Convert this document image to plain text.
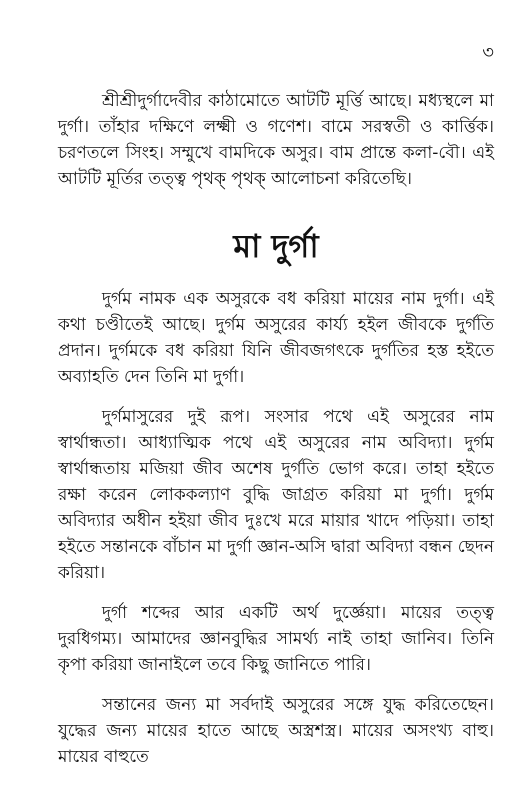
৩

শ্রীশ্রীদুর্গাদেবীর কাঠামোতে আটটি মূর্ত্তি আছে। মধ্যস্থলে মা দুর্গা। তাঁহার দক্ষিণে লক্ষ্মী ও গণেশ। বামে সরস্বতী ও কার্ত্তিক। চরণতলে সিংহ। সম্মুখে বামদিকে অসুর। বাম প্রান্তে কলা-বৌ। এই আটটি মূর্তির তত্ত্ব পৃথক্ পৃথক্ আলোচনা করিতেছি।

মা দুর্গা

দুর্গম নামক এক অসুরকে বধ করিয়া মায়ের নাম দুর্গা। এই কথা চণ্ডীতেই আছে। দুর্গম অসুরের কার্য্য হইল জীবকে দুর্গতি প্রদান। দুর্গমকে বধ করিয়া যিনি জীবজগৎকে দুর্গতির হস্ত হইতে অব্যাহতি দেন তিনি মা দুর্গা।

দুর্গমাসুরের দুই রূপ। সংসার পথে এই অসুরের নাম স্বার্থান্ধতা। আধ্যাত্মিক পথে এই অসুরের নাম অবিদ্যা। দুর্গম স্বার্থান্ধতায় মজিয়া জীব অশেষ দুর্গতি ভোগ করে। তাহা হইতে রক্ষা করেন লোককল্যাণ বুদ্ধি জাগ্রত করিয়া মা দুর্গা। দুর্গম অবিদ্যার অধীন হইয়া জীব দুঃখে মরে মায়ার খাদে পড়িয়া। তাহা হইতে সন্তানকে বাঁচান মা দুর্গা জ্ঞান-অসি দ্বারা অবিদ্যা বন্ধন ছেদন করিয়া।

দুর্গা শব্দের আর একটি অর্থ দুর্জ্ঞেয়া। মায়ের তত্ত্ব দুরধিগম্য। আমাদের জ্ঞানবুদ্ধির সামর্থ্য নাই তাহা জানিব। তিনি কৃপা করিয়া জানাইলে তবে কিছু জানিতে পারি।

সন্তানের জন্য মা সর্বদাই অসুরের সঙ্গে যুদ্ধ করিতেছেন। যুদ্ধের জন্য মায়ের হাতে আছে অস্ত্রশস্ত্র। মায়ের অসংখ্য বাহু। মায়ের বাহুতে
